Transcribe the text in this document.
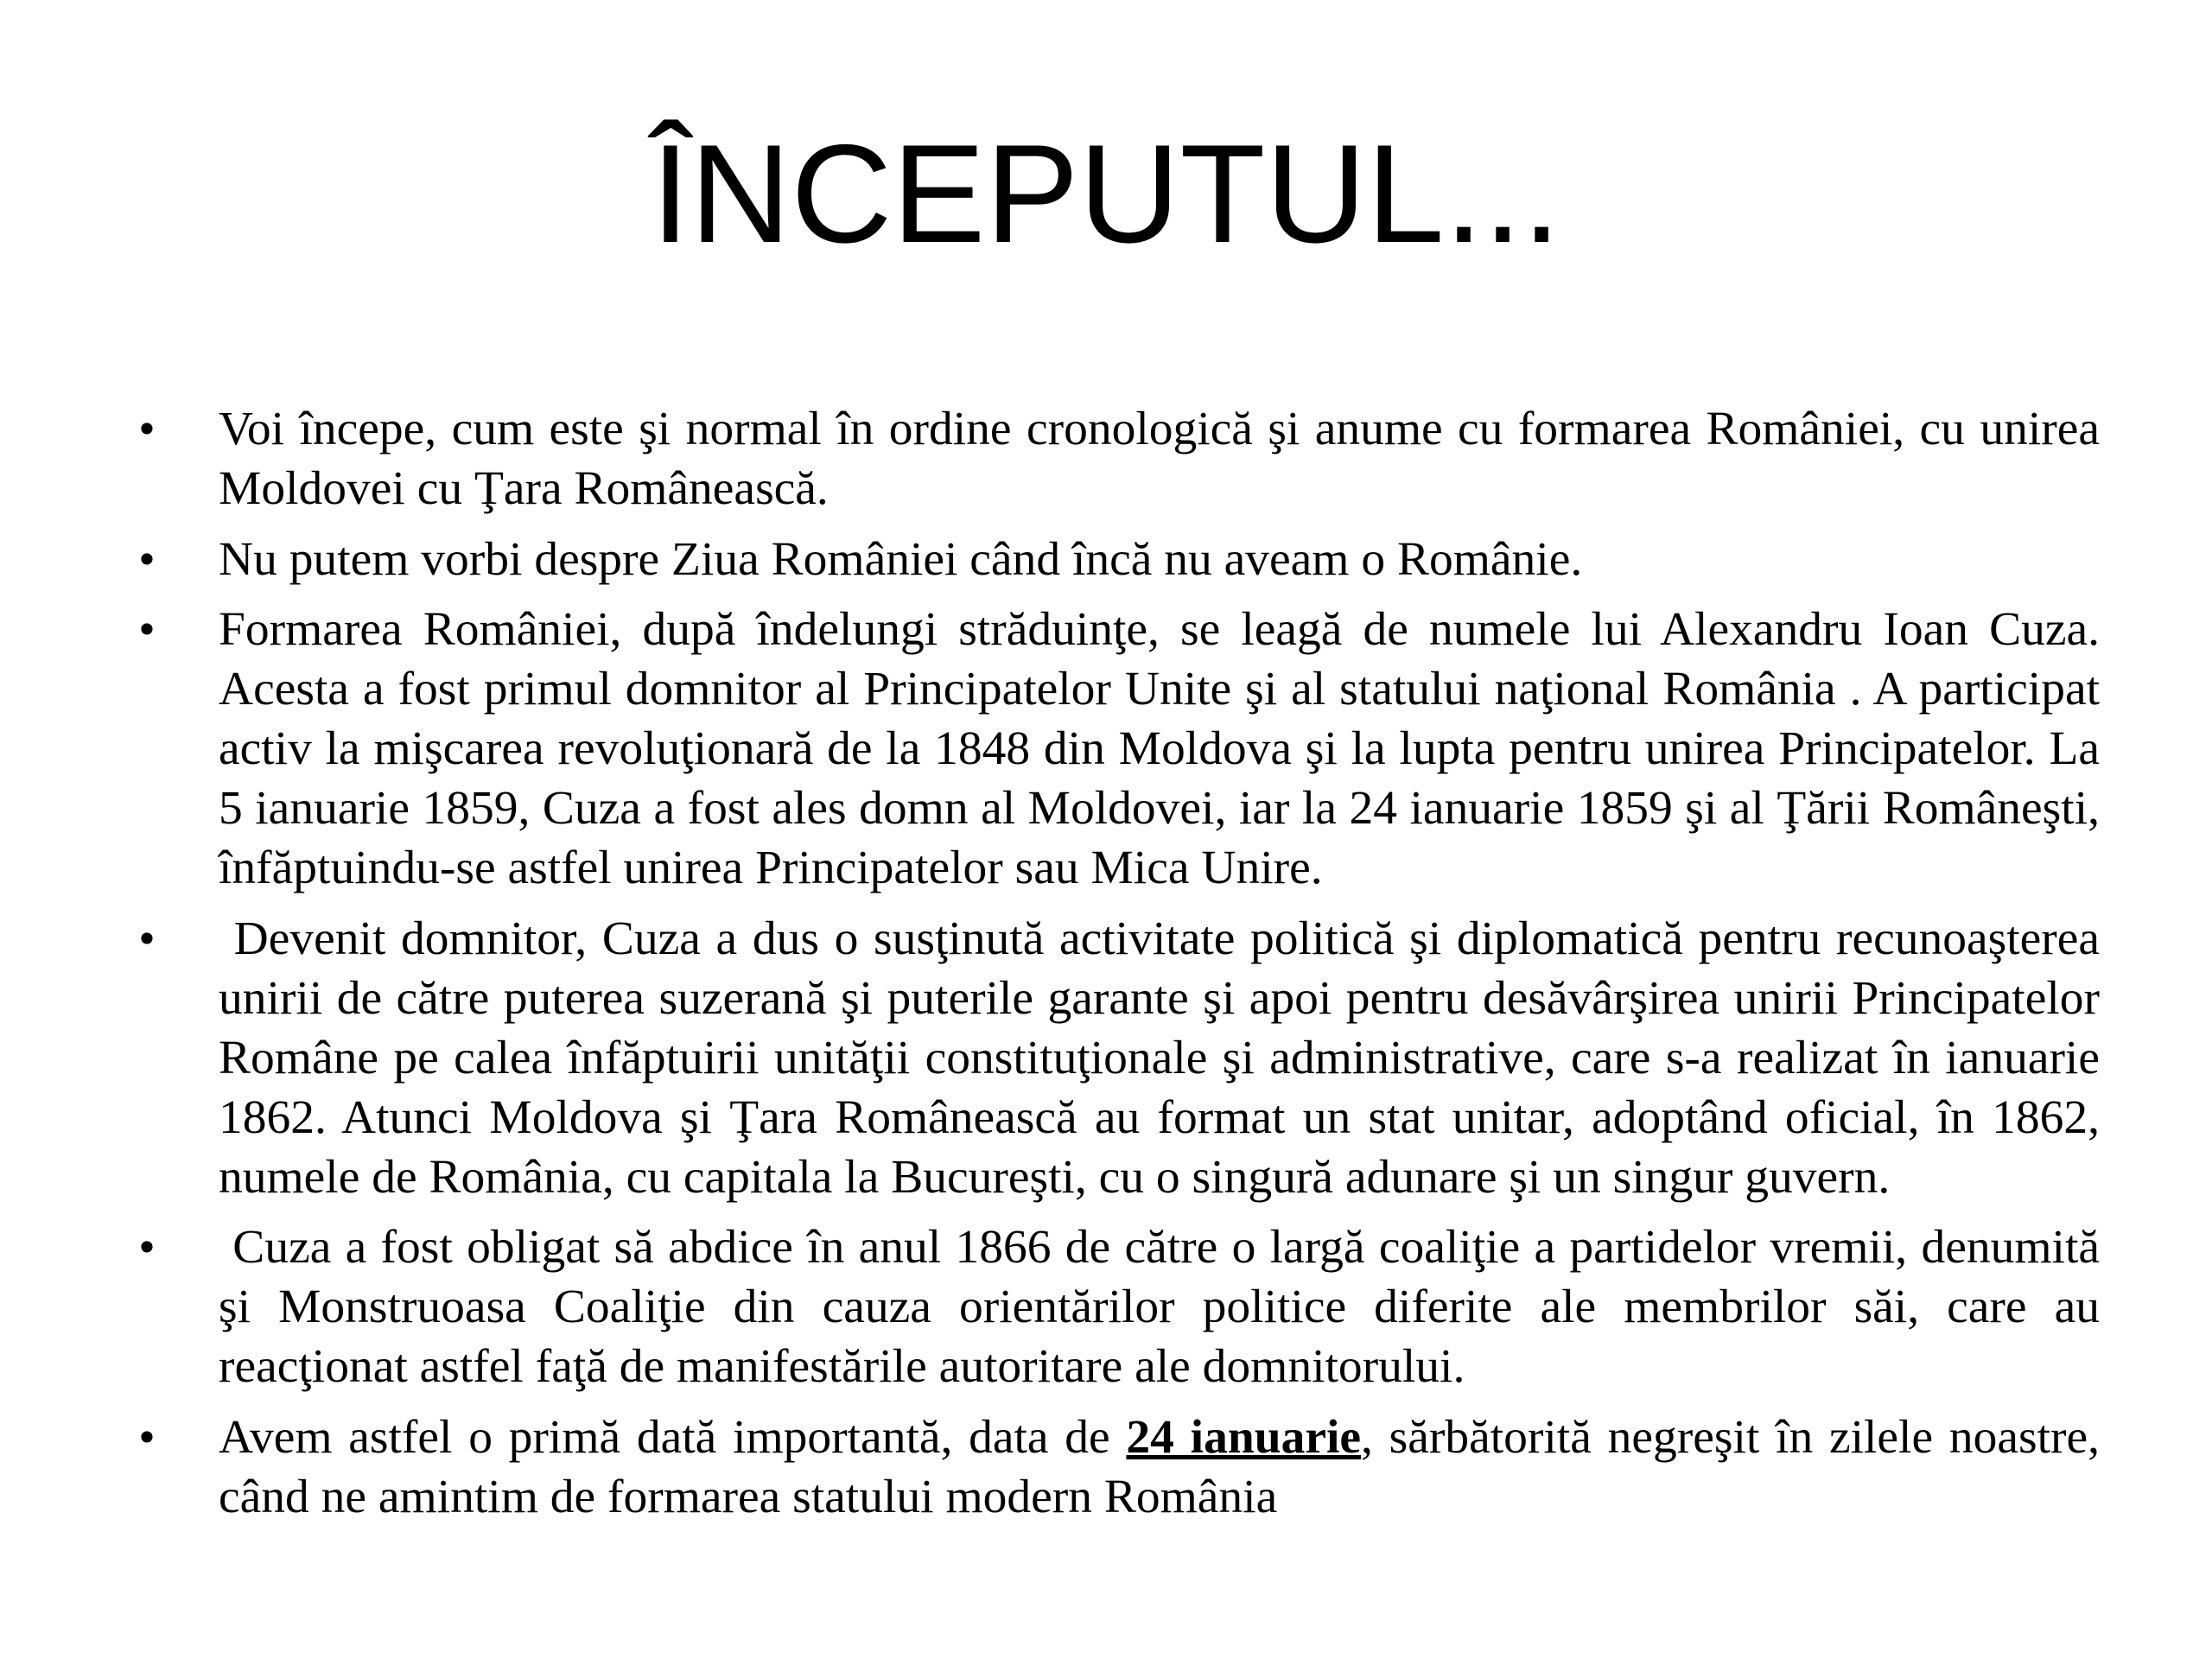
ÎNCEPUTUL...
• Voi începe, cum este şi normal în ordine cronologică şi anume cu formarea României, cu unirea Moldovei cu Ţara Românească.
• Nu putem vorbi despre Ziua României când încă nu aveam o Românie.
• Formarea României, după îndelungi străduinţe, se leagă de numele lui Alexandru Ioan Cuza. Acesta a fost primul domnitor al Principatelor Unite şi al statului naţional România . A participat activ la mişcarea revoluţionară de la 1848 din Moldova şi la lupta pentru unirea Principatelor. La 5 ianuarie 1859, Cuza a fost ales domn al Moldovei, iar la 24 ianuarie 1859 şi al Ţării Româneşti, înfăptuindu-se astfel unirea Principatelor sau Mica Unire.
• Devenit domnitor, Cuza a dus o susţinută activitate politică şi diplomatică pentru recunoaşterea unirii de către puterea suzerană şi puterile garante şi apoi pentru desăvârşirea unirii Principatelor Române pe calea înfăptuirii unităţii constituţionale şi administrative, care s-a realizat în ianuarie 1862. Atunci Moldova şi Ţara Românească au format un stat unitar, adoptând oficial, în 1862, numele de România, cu capitala la Bucureşti, cu o singură adunare şi un singur guvern.
• Cuza a fost obligat să abdice în anul 1866 de către o largă coaliţie a partidelor vremii, denumită şi Monstruoasa Coaliţie din cauza orientărilor politice diferite ale membrilor săi, care au reacţionat astfel faţă de manifestările autoritare ale domnitorului.
• Avem astfel o primă dată importantă, data de 24 ianuarie, sărbătorită negreşit în zilele noastre, când ne amintim de formarea statului modern România
